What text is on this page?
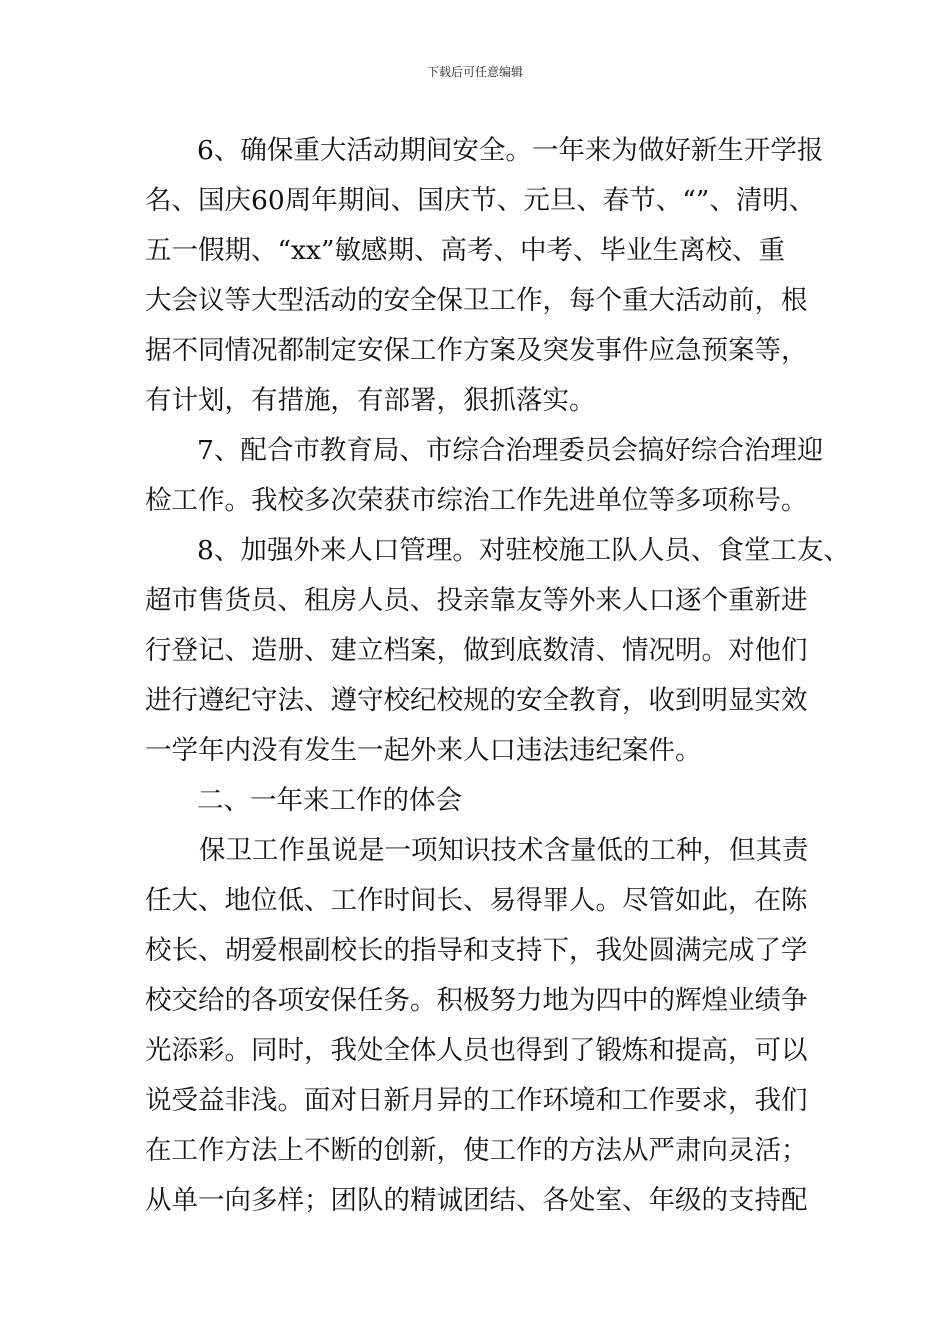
下载后可任意编辑
6、确保重大活动期间安全。一年来为做好新生开学报
名、国庆60周年期间、国庆节、元旦、春节、“”、清明、
五一假期、“xx”敏感期、高考、中考、毕业生离校、重
大会议等大型活动的安全保卫工作，每个重大活动前，根
据不同情况都制定安保工作方案及突发事件应急预案等，
有计划，有措施，有部署，狠抓落实。
7、配合市教育局、市综合治理委员会搞好综合治理迎
检工作。我校多次荣获市综治工作先进单位等多项称号。
8、加强外来人口管理。对驻校施工队人员、食堂工友、
超市售货员、租房人员、投亲靠友等外来人口逐个重新进
行登记、造册、建立档案，做到底数清、情况明。对他们
进行遵纪守法、遵守校纪校规的安全教育，收到明显实效
一学年内没有发生一起外来人口违法违纪案件。
二、一年来工作的体会
保卫工作虽说是一项知识技术含量低的工种，但其责
任大、地位低、工作时间长、易得罪人。尽管如此，在陈
校长、胡爱根副校长的指导和支持下，我处圆满完成了学
校交给的各项安保任务。积极努力地为四中的辉煌业绩争
光添彩。同时，我处全体人员也得到了锻炼和提高，可以
说受益非浅。面对日新月异的工作环境和工作要求，我们
在工作方法上不断的创新，使工作的方法从严肃向灵活；
从单一向多样；团队的精诚团结、各处室、年级的支持配
